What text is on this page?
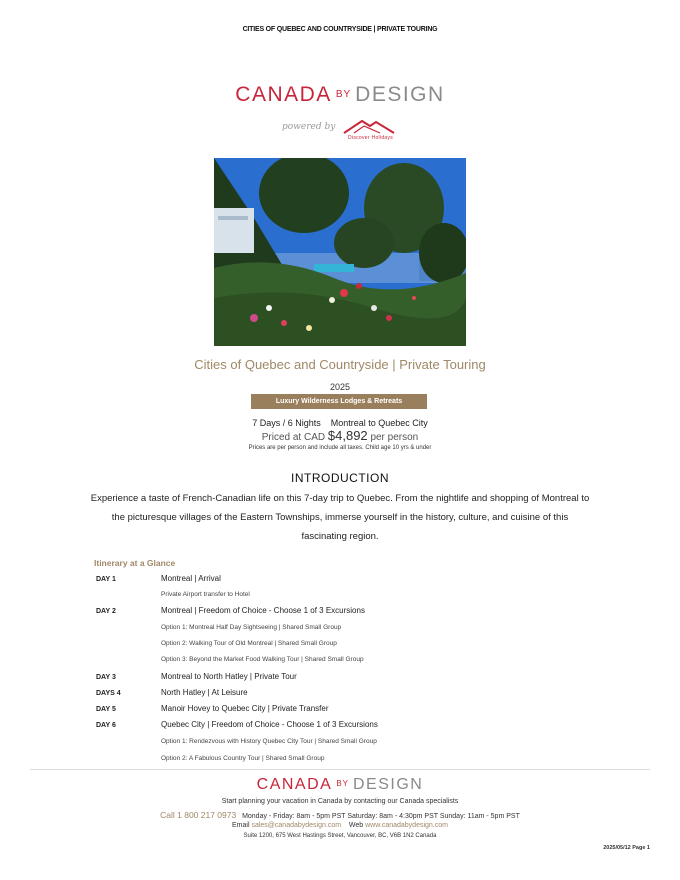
CITIES OF QUEBEC AND COUNTRYSIDE | PRIVATE TOURING
CANADA BY DESIGN
powered by
Discover Holidays
Cities of Quebec and Countryside | Private Touring
2025
Luxury Wilderness Lodges & Retreats
7 Days / 6 Nights Montreal to Quebec City
Priced at CAD $4,892 per person
Prices are per person and include all taxes. Child age 10 yrs & under
INTRODUCTION
Experience a taste of French-Canadian life on this 7-day trip to Quebec. From the nightlife and shopping of Montreal to the picturesque villages of the Eastern Townships, immerse yourself in the history, culture, and cuisine of this fascinating region.
Itinerary at a Glance
DAY 1	Montreal | Arrival
Private Airport transfer to Hotel
DAY 2	Montreal | Freedom of Choice - Choose 1 of 3 Excursions
Option 1: Montreal Half Day Sightseeing | Shared Small Group
Option 2: Walking Tour of Old Montreal | Shared Small Group
Option 3: Beyond the Market Food Walking Tour | Shared Small Group
DAY 3	Montreal to North Hatley | Private Tour
DAYS 4	North Hatley | At Leisure
DAY 5	Manoir Hovey to Quebec City | Private Transfer
DAY 6	Quebec City | Freedom of Choice - Choose 1 of 3 Excursions
Option 1: Rendezvous with History Quebec City Tour | Shared Small Group
Option 2: A Fabulous Country Tour | Shared Small Group
CANADA BY DESIGN
Start planning your vacation in Canada by contacting our Canada specialists
Call 1 800 217 0973 Monday - Friday: 8am - 5pm PST Saturday: 8am - 4:30pm PST Sunday: 11am - 5pm PST
Email sales@canadabydesign.com Web www.canadabydesign.com
Suite 1200, 675 West Hastings Street, Vancouver, BC, V6B 1N2 Canada
2025/05/12 Page 1
